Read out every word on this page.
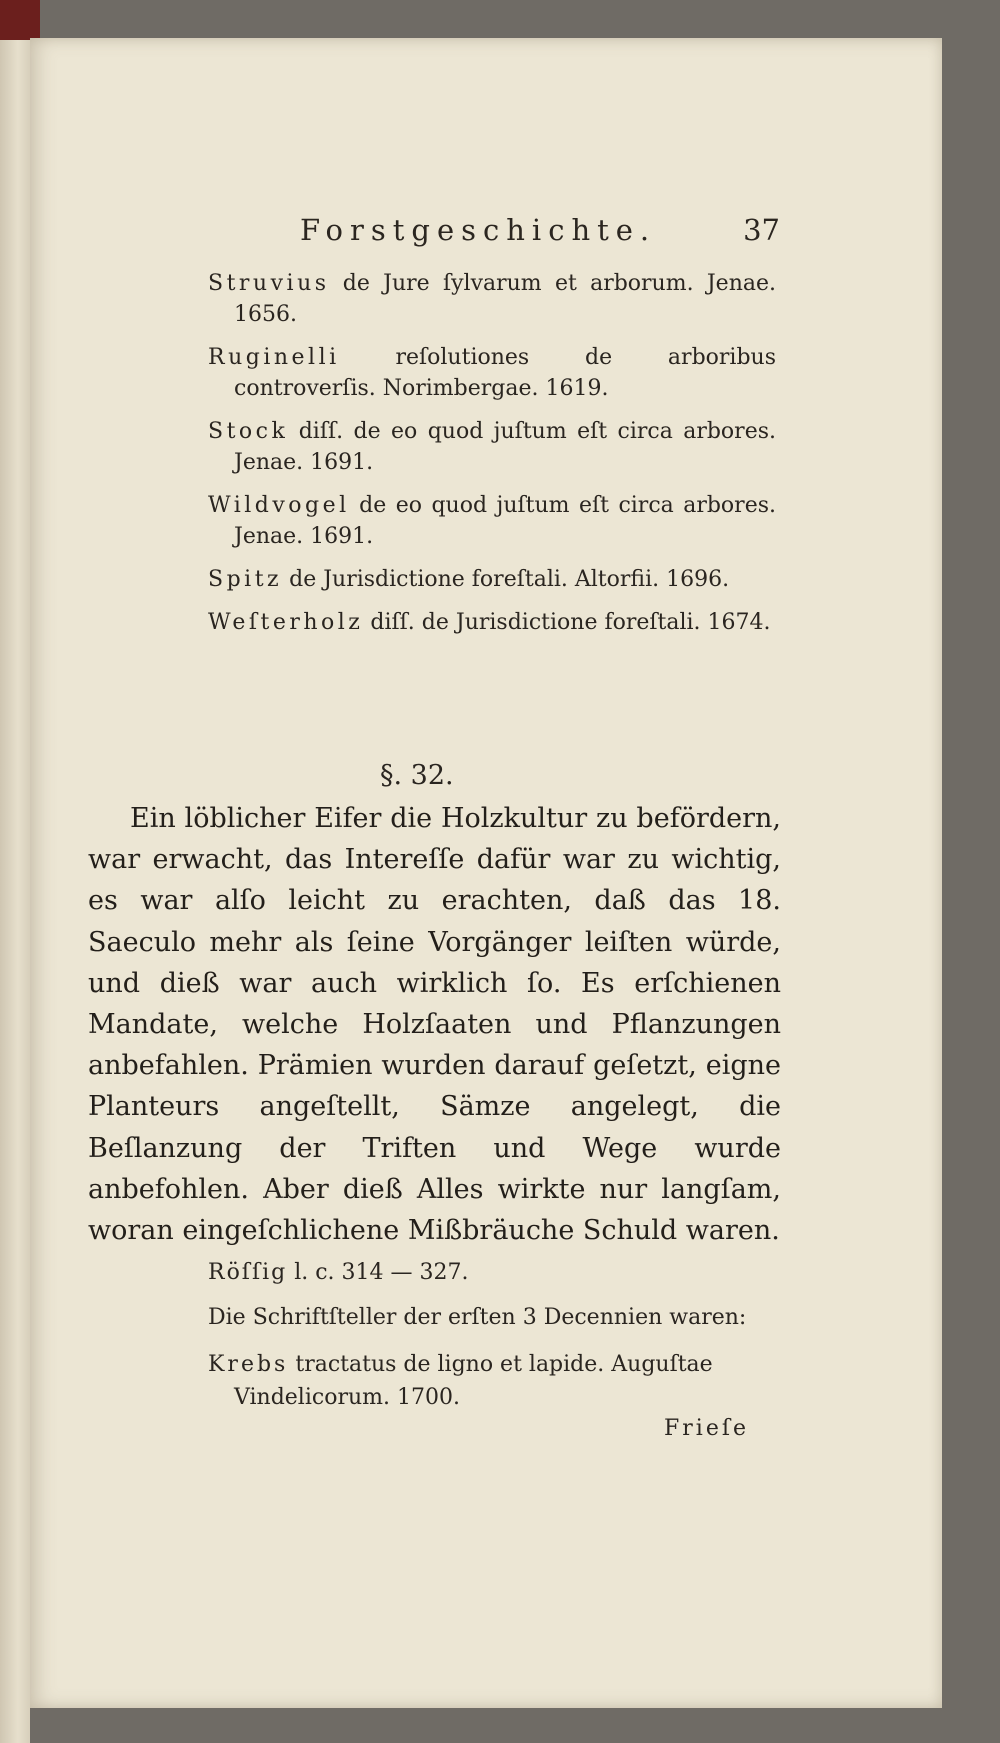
Forstgeschichte.	37
Struvius de Jure ſylvarum et arborum. Jenae. 1656.
Ruginelli reſolutiones de arboribus controverſis. Norimbergae. 1619.
Stock diſſ. de eo quod juſtum eſt circa arbores. Jenae. 1691.
Wildvogel de eo quod juſtum eſt circa arbores. Jenae. 1691.
Spitz de Jurisdictione foreſtali. Altorfii. 1696.
Weſterholz diſſ. de Jurisdictione foreſtali. 1674.
§. 32.
Ein löblicher Eifer die Holzkultur zu befördern, war erwacht, das Intereſſe dafür war zu wichtig, es war alſo leicht zu erachten, daß das 18. Saeculo mehr als ſeine Vorgänger leiſten würde, und dieß war auch wirklich ſo. Es erſchienen Mandate, welche Holzſaaten und Pflanzungen anbefahlen. Prämien wurden darauf geſetzt, eigne Planteurs angeſtellt, Sämze angelegt, die Beſlanzung der Triften und Wege wurde anbefohlen. Aber dieß Alles wirkte nur langſam, woran eingeſchlichene Mißbräuche Schuld waren.
Röſſig l. c. 314 — 327.
Die Schriftſteller der erſten 3 Decennien waren:
Krebs tractatus de ligno et lapide. Auguſtae Vindelicorum. 1700.
Frieſe
